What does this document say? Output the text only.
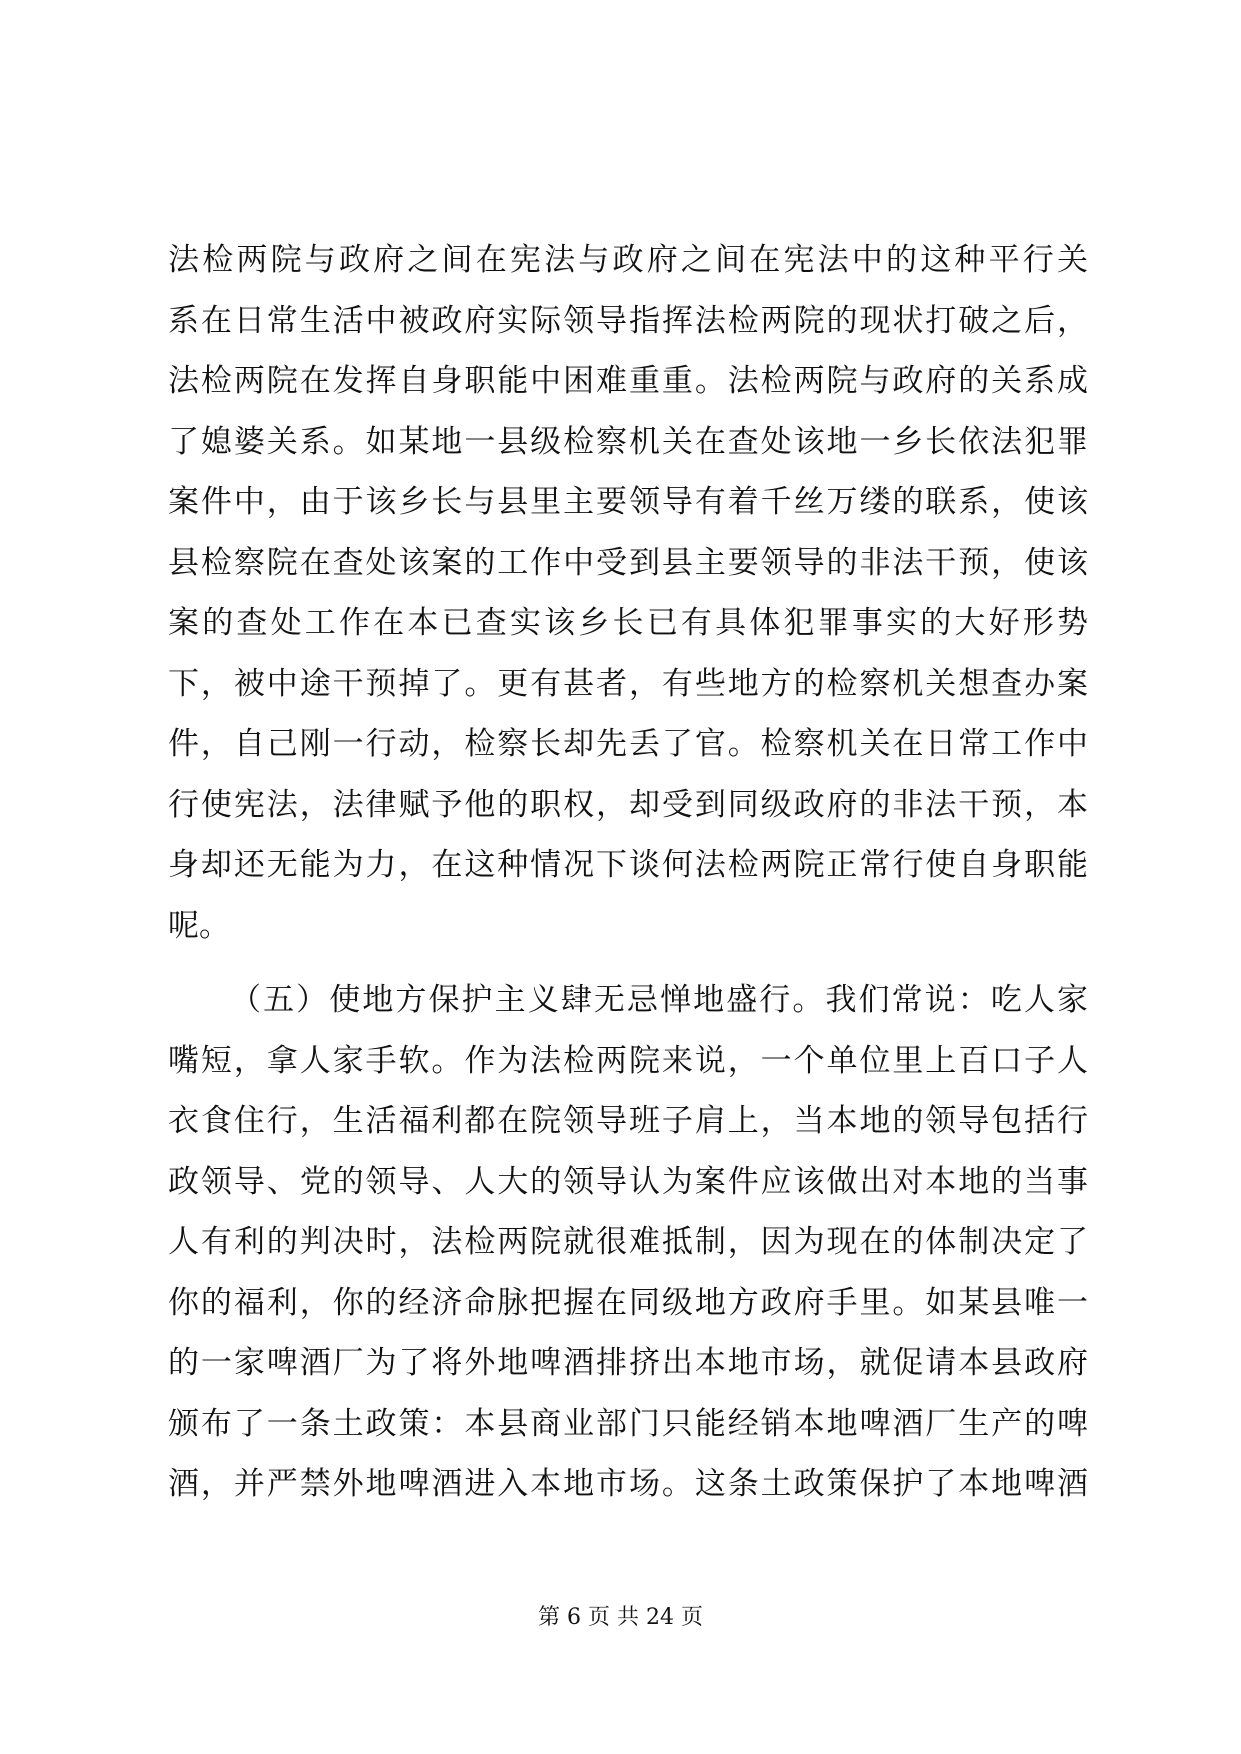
法检两院与政府之间在宪法与政府之间在宪法中的这种平行关
系在日常生活中被政府实际领导指挥法检两院的现状打破之后，
法检两院在发挥自身职能中困难重重。法检两院与政府的关系成
了媳婆关系。如某地一县级检察机关在查处该地一乡长依法犯罪
案件中，由于该乡长与县里主要领导有着千丝万缕的联系，使该
县检察院在查处该案的工作中受到县主要领导的非法干预，使该
案的查处工作在本已查实该乡长已有具体犯罪事实的大好形势
下，被中途干预掉了。更有甚者，有些地方的检察机关想查办案
件，自己刚一行动，检察长却先丢了官。检察机关在日常工作中
行使宪法，法律赋予他的职权，却受到同级政府的非法干预，本
身却还无能为力，在这种情况下谈何法检两院正常行使自身职能
呢。
（五）使地方保护主义肆无忌惮地盛行。我们常说：吃人家
嘴短，拿人家手软。作为法检两院来说，一个单位里上百口子人
衣食住行，生活福利都在院领导班子肩上，当本地的领导包括行
政领导、党的领导、人大的领导认为案件应该做出对本地的当事
人有利的判决时，法检两院就很难抵制，因为现在的体制决定了
你的福利，你的经济命脉把握在同级地方政府手里。如某县唯一
的一家啤酒厂为了将外地啤酒排挤出本地市场，就促请本县政府
颁布了一条土政策：本县商业部门只能经销本地啤酒厂生产的啤
酒，并严禁外地啤酒进入本地市场。这条土政策保护了本地啤酒
第 6 页 共 24 页
